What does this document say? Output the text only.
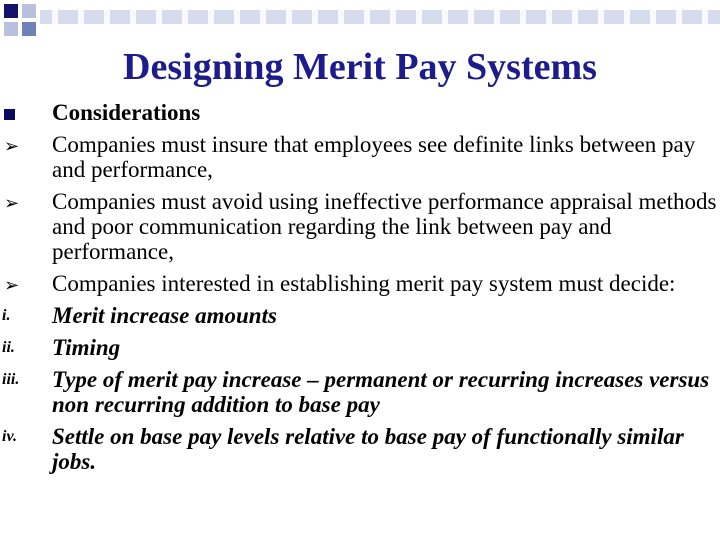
Designing Merit Pay Systems
Considerations
➢	Companies must insure that employees see definite links between pay and performance,
➢	Companies must avoid using ineffective performance appraisal methods and poor communication regarding the link between pay and performance,
➢	Companies interested in establishing merit pay system must decide:
i.	Merit increase amounts
ii.	Timing
iii.	Type of merit pay increase – permanent or recurring increases versus non recurring addition to base pay
iv.	Settle on base pay levels relative to base pay of functionally similar jobs.
